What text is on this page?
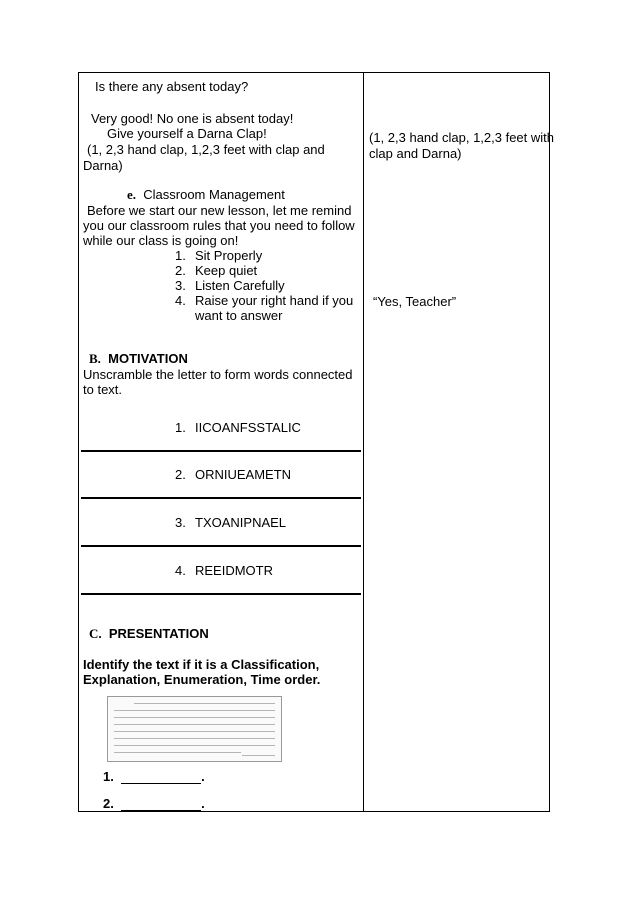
Is there any absent today?
Very good! No one is absent today!
Give yourself a Darna Clap!
(1, 2,3 hand clap, 1,2,3 feet with clap and
Darna)
e. Classroom Management
Before we start our new lesson, let me remind
you our classroom rules that you need to follow
while our class is going on!
1. Sit Properly
2. Keep quiet
3. Listen Carefully
4. Raise your right hand if you
want to answer
B. MOTIVATION
Unscramble the letter to form words connected
to text.
1. IICOANFSSTALIC
2. ORNIUEAMETN
3. TXOANIPNAEL
4. REEIDMOTR
C. PRESENTATION
Identify the text if it is a Classification,
Explanation, Enumeration, Time order.
1.	.
2.	.
(1, 2,3 hand clap, 1,2,3 feet with
clap and Darna)
“Yes, Teacher”
